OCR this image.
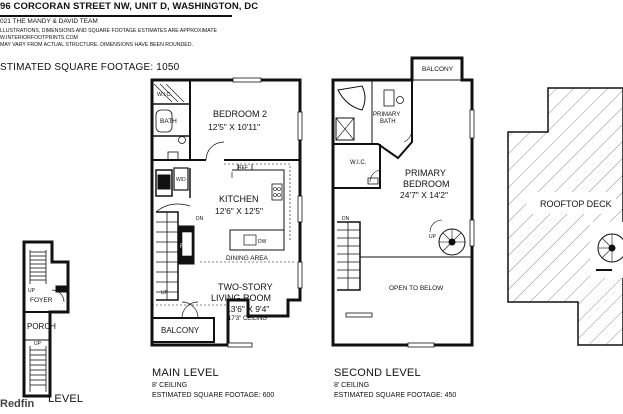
96 CORCORAN STREET NW, UNIT D, WASHINGTON, DC
021 THE MANDY & DAVID TEAM
LLUSTRATIONS, DIMENSIONS AND SQUARE FOOTAGE ESTIMATES ARE APPROXIMATE
W.INTERIORFOOTPRINTS.COM
MAY VARY FROM ACTUAL STRUCTURE. DIMENSIONS HAVE BEEN ROUNDED.
STIMATED SQUARE FOOTAGE: 1050
UP
FOYER
PORCH
UP
W.I.C.
BATH
BEDROOM 2
12'5" X 10'11"
W/D
REF
KITCHEN
12'6" X 12'5"
DN
FP
DW
DINING AREA
TWO-STORY
LIVING ROOM
13'6" X 9'4"
17'3" CEILING
UP
BALCONY
BALCONY
PRIMARY
BATH
W.I.C.
PRIMARY
BEDROOM
24'7" X 14'2"
DN
UP
OPEN TO BELOW
ROOFTOP DECK
LEVEL
MAIN LEVEL
8' CEILING
ESTIMATED SQUARE FOOTAGE: 600
SECOND LEVEL
8' CEILING
ESTIMATED SQUARE FOOTAGE: 450
Redfin
